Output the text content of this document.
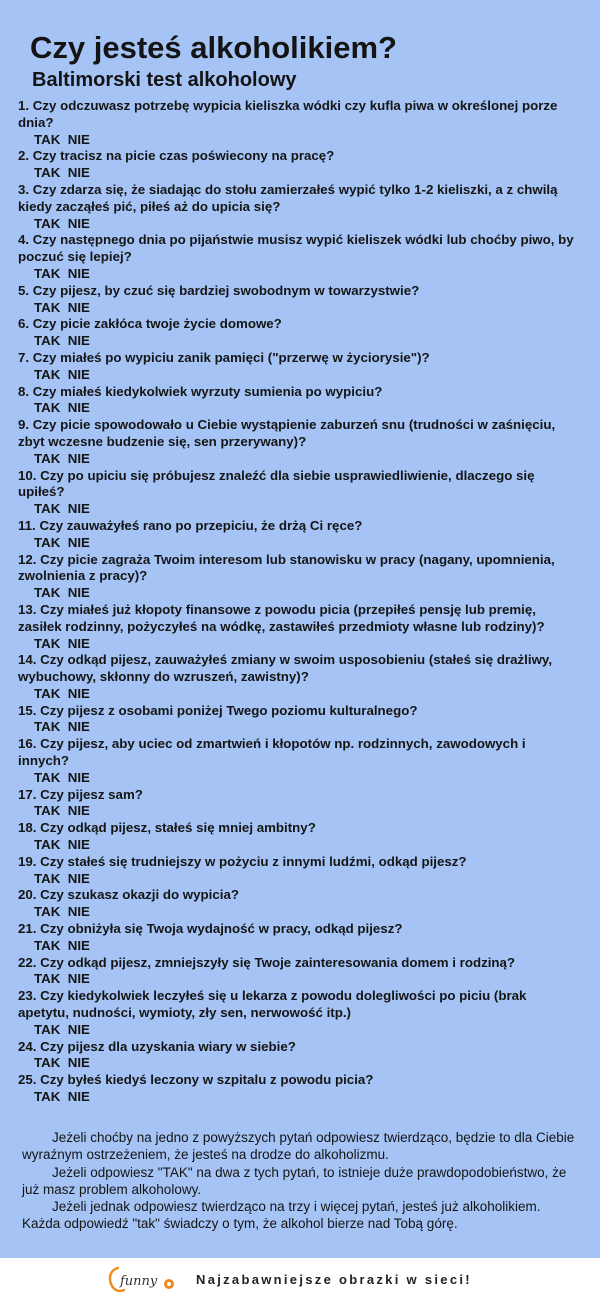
Czy jesteś alkoholikiem?
Baltimorski test alkoholowy
1. Czy odczuwasz potrzebę wypicia kieliszka wódki czy kufla piwa w określonej porze dnia?
TAK  NIE
2. Czy tracisz na picie czas poświecony na pracę?
TAK  NIE
3. Czy zdarza się, że siadając do stołu zamierzałeś wypić tylko 1-2 kieliszki, a z chwilą kiedy zacząłeś pić, piłeś aż do upicia się?
TAK  NIE
4. Czy następnego dnia po pijaństwie musisz wypić kieliszek wódki lub choćby piwo, by poczuć się lepiej?
TAK  NIE
5. Czy pijesz, by czuć się bardziej swobodnym w towarzystwie?
TAK  NIE
6. Czy picie zakłóca twoje życie domowe?
TAK  NIE
7. Czy miałeś po wypiciu zanik pamięci ("przerwę w życiorysie")?
TAK  NIE
8. Czy miałeś kiedykolwiek wyrzuty sumienia po wypiciu?
TAK  NIE
9. Czy picie spowodowało u Ciebie wystąpienie zaburzeń snu (trudności w zaśnięciu, zbyt wczesne budzenie się, sen przerywany)?
TAK  NIE
10. Czy po upiciu się próbujesz znaleźć dla siebie usprawiedliwienie, dlaczego się upiłeś?
TAK  NIE
11. Czy zauważyłeś rano po przepiciu, że drżą Ci ręce?
TAK  NIE
12. Czy picie zagraża Twoim interesom lub stanowisku w pracy (nagany, upomnienia, zwolnienia z pracy)?
TAK  NIE
13. Czy miałeś już kłopoty finansowe z powodu picia (przepiłeś pensję lub premię, zasiłek rodzinny, pożyczyłeś na wódkę, zastawiłeś przedmioty własne lub rodziny)?
TAK  NIE
14. Czy odkąd pijesz, zauważyłeś zmiany w swoim usposobieniu (stałeś się drażliwy, wybuchowy, skłonny do wzruszeń, zawistny)?
TAK  NIE
15. Czy pijesz z osobami poniżej Twego poziomu kulturalnego?
TAK  NIE
16. Czy pijesz, aby uciec od zmartwień i kłopotów np. rodzinnych, zawodowych i innych?
TAK  NIE
17. Czy pijesz sam?
TAK  NIE
18. Czy odkąd pijesz, stałeś się mniej ambitny?
TAK  NIE
19. Czy stałeś się trudniejszy w pożyciu z innymi ludźmi, odkąd pijesz?
TAK  NIE
20. Czy szukasz okazji do wypicia?
TAK  NIE
21. Czy obniżyła się Twoja wydajność w pracy, odkąd pijesz?
TAK  NIE
22. Czy odkąd pijesz, zmniejszyły się Twoje zainteresowania domem i rodziną?
TAK  NIE
23. Czy kiedykolwiek leczyłeś się u lekarza z powodu dolegliwości po piciu (brak apetytu, nudności, wymioty, zły sen, nerwowość itp.)
TAK  NIE
24. Czy pijesz dla uzyskania wiary w siebie?
TAK  NIE
25. Czy byłeś kiedyś leczony w szpitalu z powodu picia?
TAK  NIE

Jeżeli choćby na jedno z powyższych pytań odpowiesz twierdząco, będzie to dla Ciebie wyraźnym ostrzeżeniem, że jesteś na drodze do alkoholizmu.

Jeżeli odpowiesz "TAK" na dwa z tych pytań, to istnieje duże prawdopodobieństwo, że już masz problem alkoholowy.

Jeżeli jednak odpowiesz twierdząco na trzy i więcej pytań, jesteś już alkoholikiem. Każda odpowiedź "tak" świadczy o tym, że alkohol bierze nad Tobą górę.

funny	Najzabawniejsze obrazki w sieci!
